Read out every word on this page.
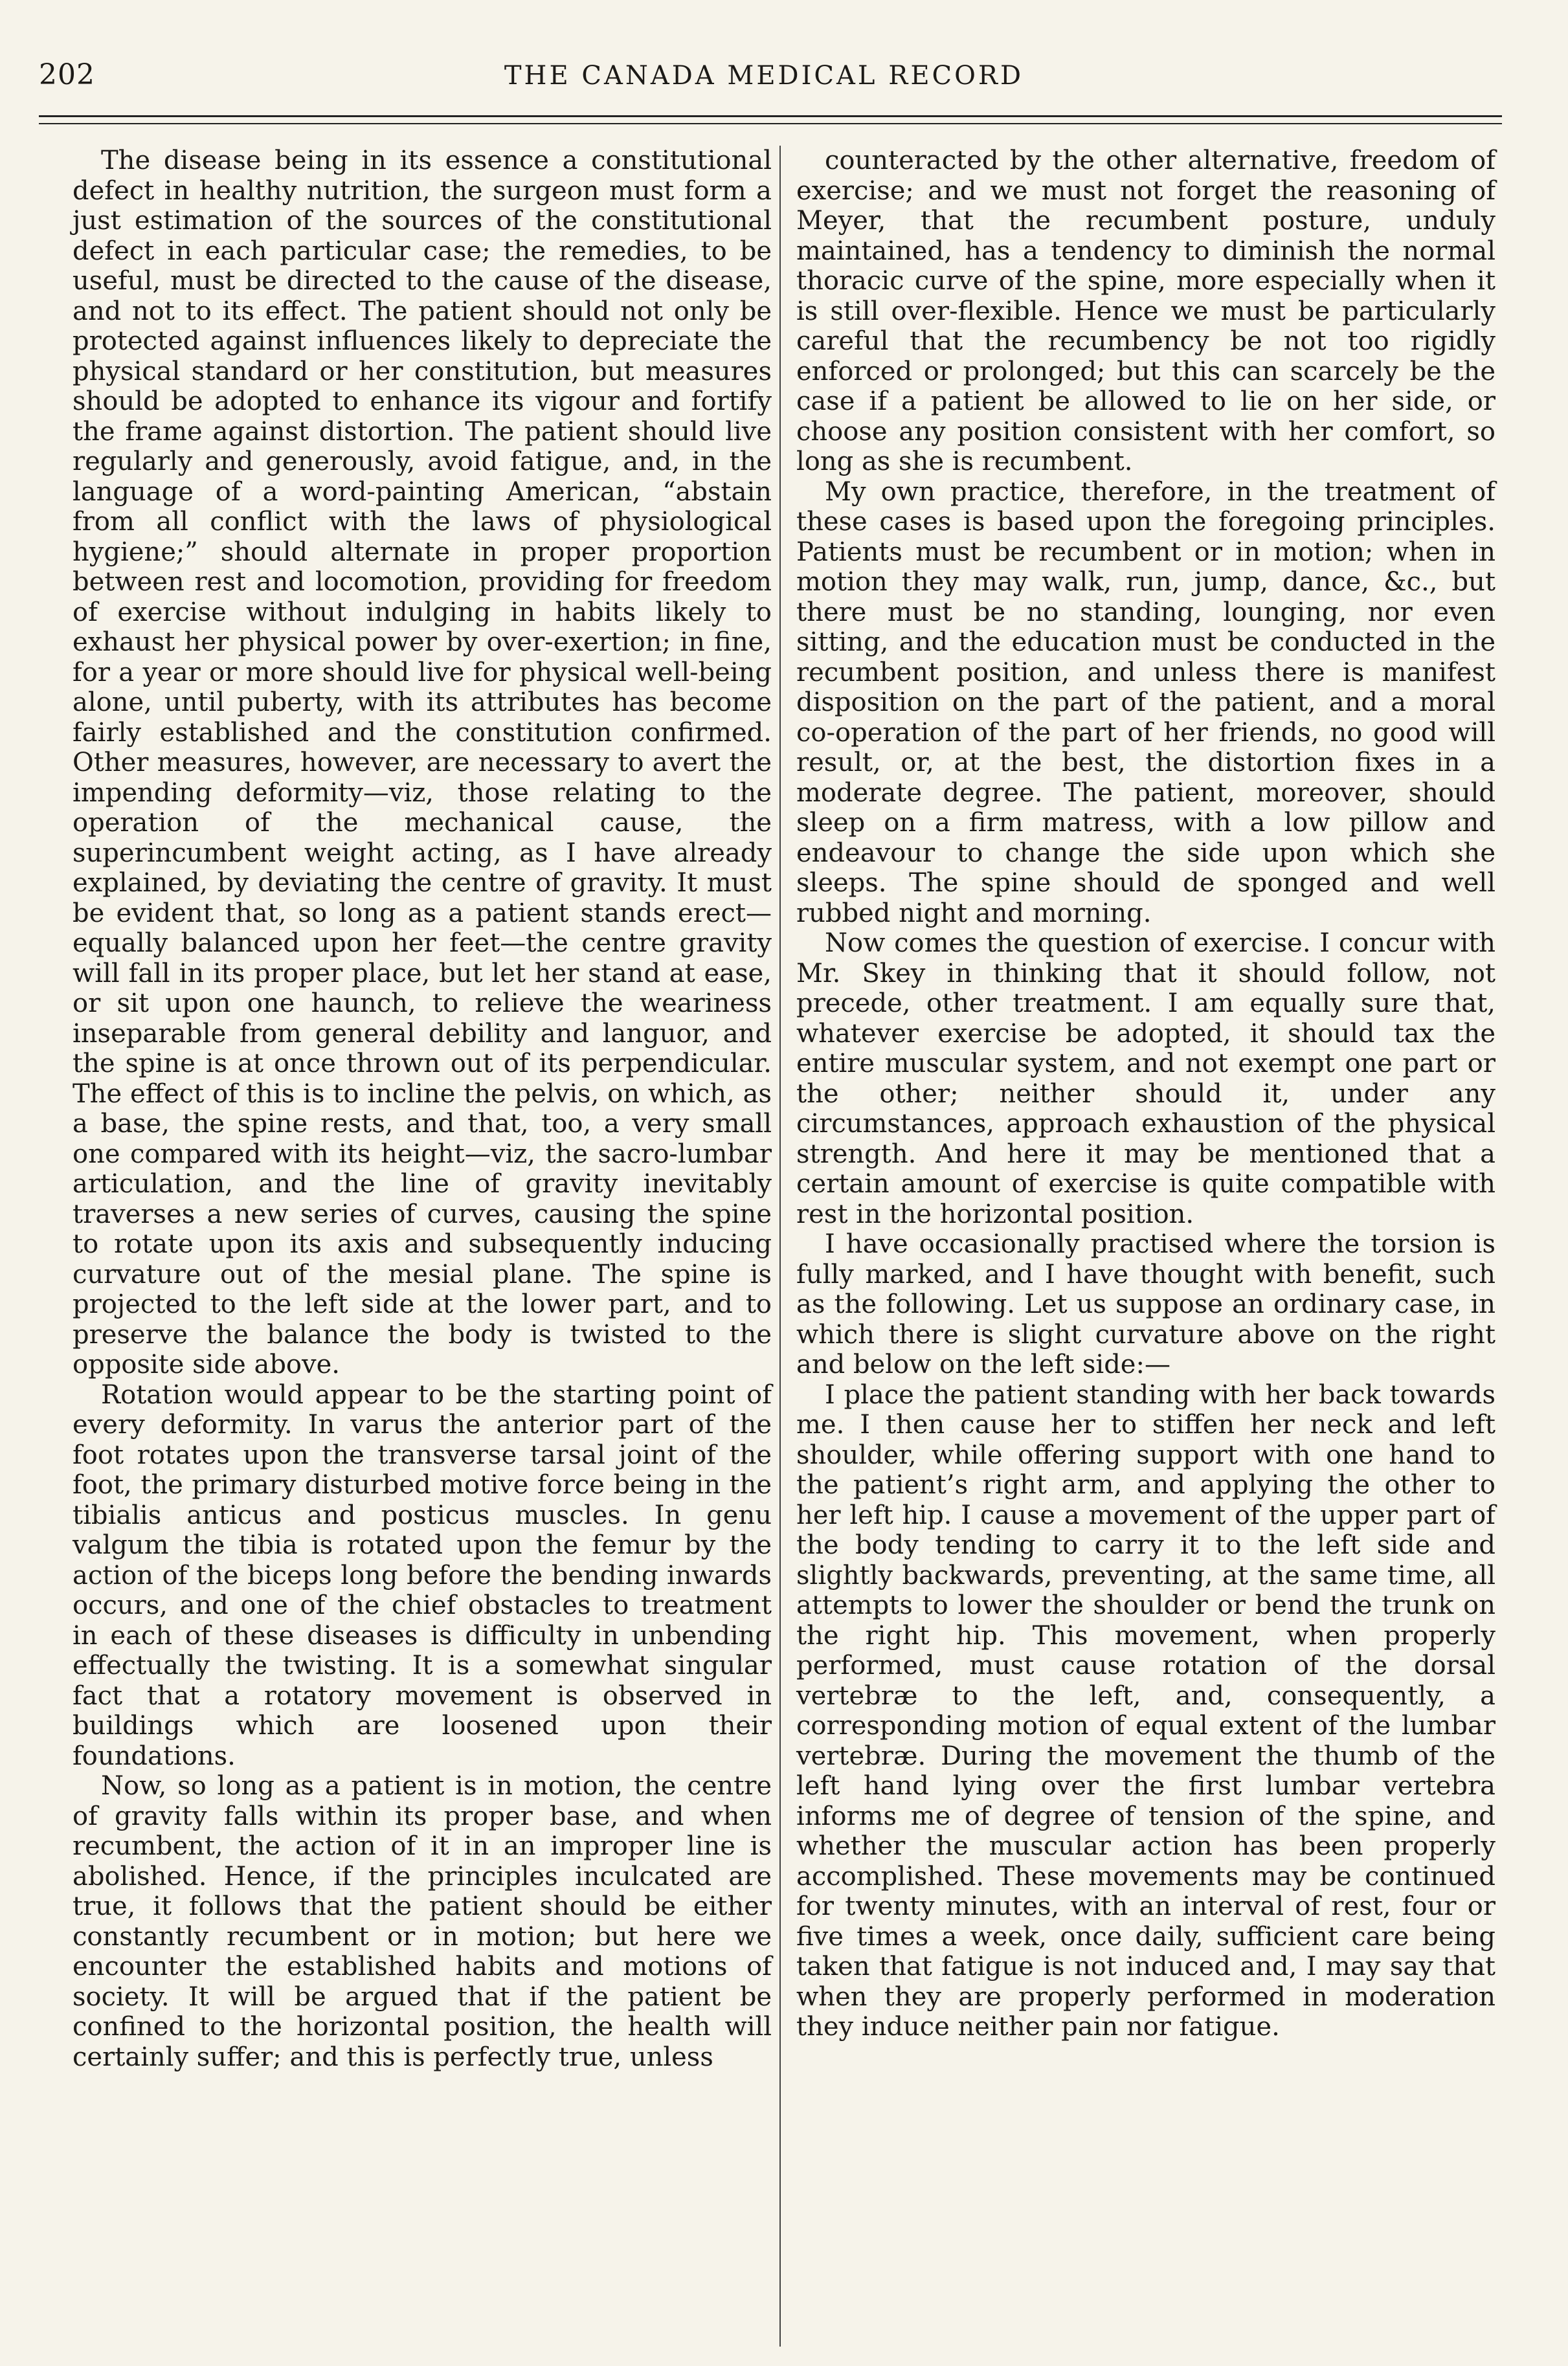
202	THE CANADA MEDICAL RECORD

The disease being in its essence a constitutional defect in healthy nutrition, the surgeon must form a just estimation of the sources of the constitutional defect in each particular case; the remedies, to be useful, must be directed to the cause of the disease, and not to its effect. The patient should not only be protected against influences likely to depreciate the physical standard or her constitution, but measures should be adopted to enhance its vigour and fortify the frame against distortion. The patient should live regularly and generously, avoid fatigue, and, in the language of a word-painting American, “abstain from all conflict with the laws of physiological hygiene;” should alternate in proper proportion between rest and locomotion, providing for freedom of exercise without indulging in habits likely to exhaust her physical power by over-exertion; in fine, for a year or more should live for physical well-being alone, until puberty, with its attributes has become fairly established and the constitution confirmed. Other measures, however, are necessary to avert the impending deformity—viz, those relating to the operation of the mechanical cause, the superincumbent weight acting, as I have already explained, by deviating the centre of gravity. It must be evident that, so long as a patient stands erect—equally balanced upon her feet—the centre gravity will fall in its proper place, but let her stand at ease, or sit upon one haunch, to relieve the weariness inseparable from general debility and languor, and the spine is at once thrown out of its perpendicular. The effect of this is to incline the pelvis, on which, as a base, the spine rests, and that, too, a very small one compared with its height—viz, the sacro-lumbar articulation, and the line of gravity inevitably traverses a new series of curves, causing the spine to rotate upon its axis and subsequently inducing curvature out of the mesial plane. The spine is projected to the left side at the lower part, and to preserve the balance the body is twisted to the opposite side above.

Rotation would appear to be the starting point of every deformity. In varus the anterior part of the foot rotates upon the transverse tarsal joint of the foot, the primary disturbed motive force being in the tibialis anticus and posticus muscles. In genu valgum the tibia is rotated upon the femur by the action of the biceps long before the bending inwards occurs, and one of the chief obstacles to treatment in each of these diseases is difficulty in unbending effectually the twisting. It is a somewhat singular fact that a rotatory movement is observed in buildings which are loosened upon their foundations.

Now, so long as a patient is in motion, the centre of gravity falls within its proper base, and when recumbent, the action of it in an improper line is abolished. Hence, if the principles inculcated are true, it follows that the patient should be either constantly recumbent or in motion; but here we encounter the established habits and motions of society. It will be argued that if the patient be confined to the horizontal position, the health will certainly suffer; and this is perfectly true, unless

counteracted by the other alternative, freedom of exercise; and we must not forget the reasoning of Meyer, that the recumbent posture, unduly maintained, has a tendency to diminish the normal thoracic curve of the spine, more especially when it is still over-flexible. Hence we must be particularly careful that the recumbency be not too rigidly enforced or prolonged; but this can scarcely be the case if a patient be allowed to lie on her side, or choose any position consistent with her comfort, so long as she is recumbent.

My own practice, therefore, in the treatment of these cases is based upon the foregoing principles. Patients must be recumbent or in motion; when in motion they may walk, run, jump, dance, &c., but there must be no standing, lounging, nor even sitting, and the education must be conducted in the recumbent position, and unless there is manifest disposition on the part of the patient, and a moral co-operation of the part of her friends, no good will result, or, at the best, the distortion fixes in a moderate degree. The patient, moreover, should sleep on a firm matress, with a low pillow and endeavour to change the side upon which she sleeps. The spine should de sponged and well rubbed night and morning.

Now comes the question of exercise. I concur with Mr. Skey in thinking that it should follow, not precede, other treatment. I am equally sure that, whatever exercise be adopted, it should tax the entire muscular system, and not exempt one part or the other; neither should it, under any circumstances, approach exhaustion of the physical strength. And here it may be mentioned that a certain amount of exercise is quite compatible with rest in the horizontal position.

I have occasionally practised where the torsion is fully marked, and I have thought with benefit, such as the following. Let us suppose an ordinary case, in which there is slight curvature above on the right and below on the left side:—

I place the patient standing with her back towards me. I then cause her to stiffen her neck and left shoulder, while offering support with one hand to the patient’s right arm, and applying the other to her left hip. I cause a movement of the upper part of the body tending to carry it to the left side and slightly backwards, preventing, at the same time, all attempts to lower the shoulder or bend the trunk on the right hip. This movement, when properly performed, must cause rotation of the dorsal vertebræ to the left, and, consequently, a corresponding motion of equal extent of the lumbar vertebræ. During the movement the thumb of the left hand lying over the first lumbar vertebra informs me of degree of tension of the spine, and whether the muscular action has been properly accomplished. These movements may be continued for twenty minutes, with an interval of rest, four or five times a week, once daily, sufficient care being taken that fatigue is not induced and, I may say that when they are properly performed in moderation they induce neither pain nor fatigue.
